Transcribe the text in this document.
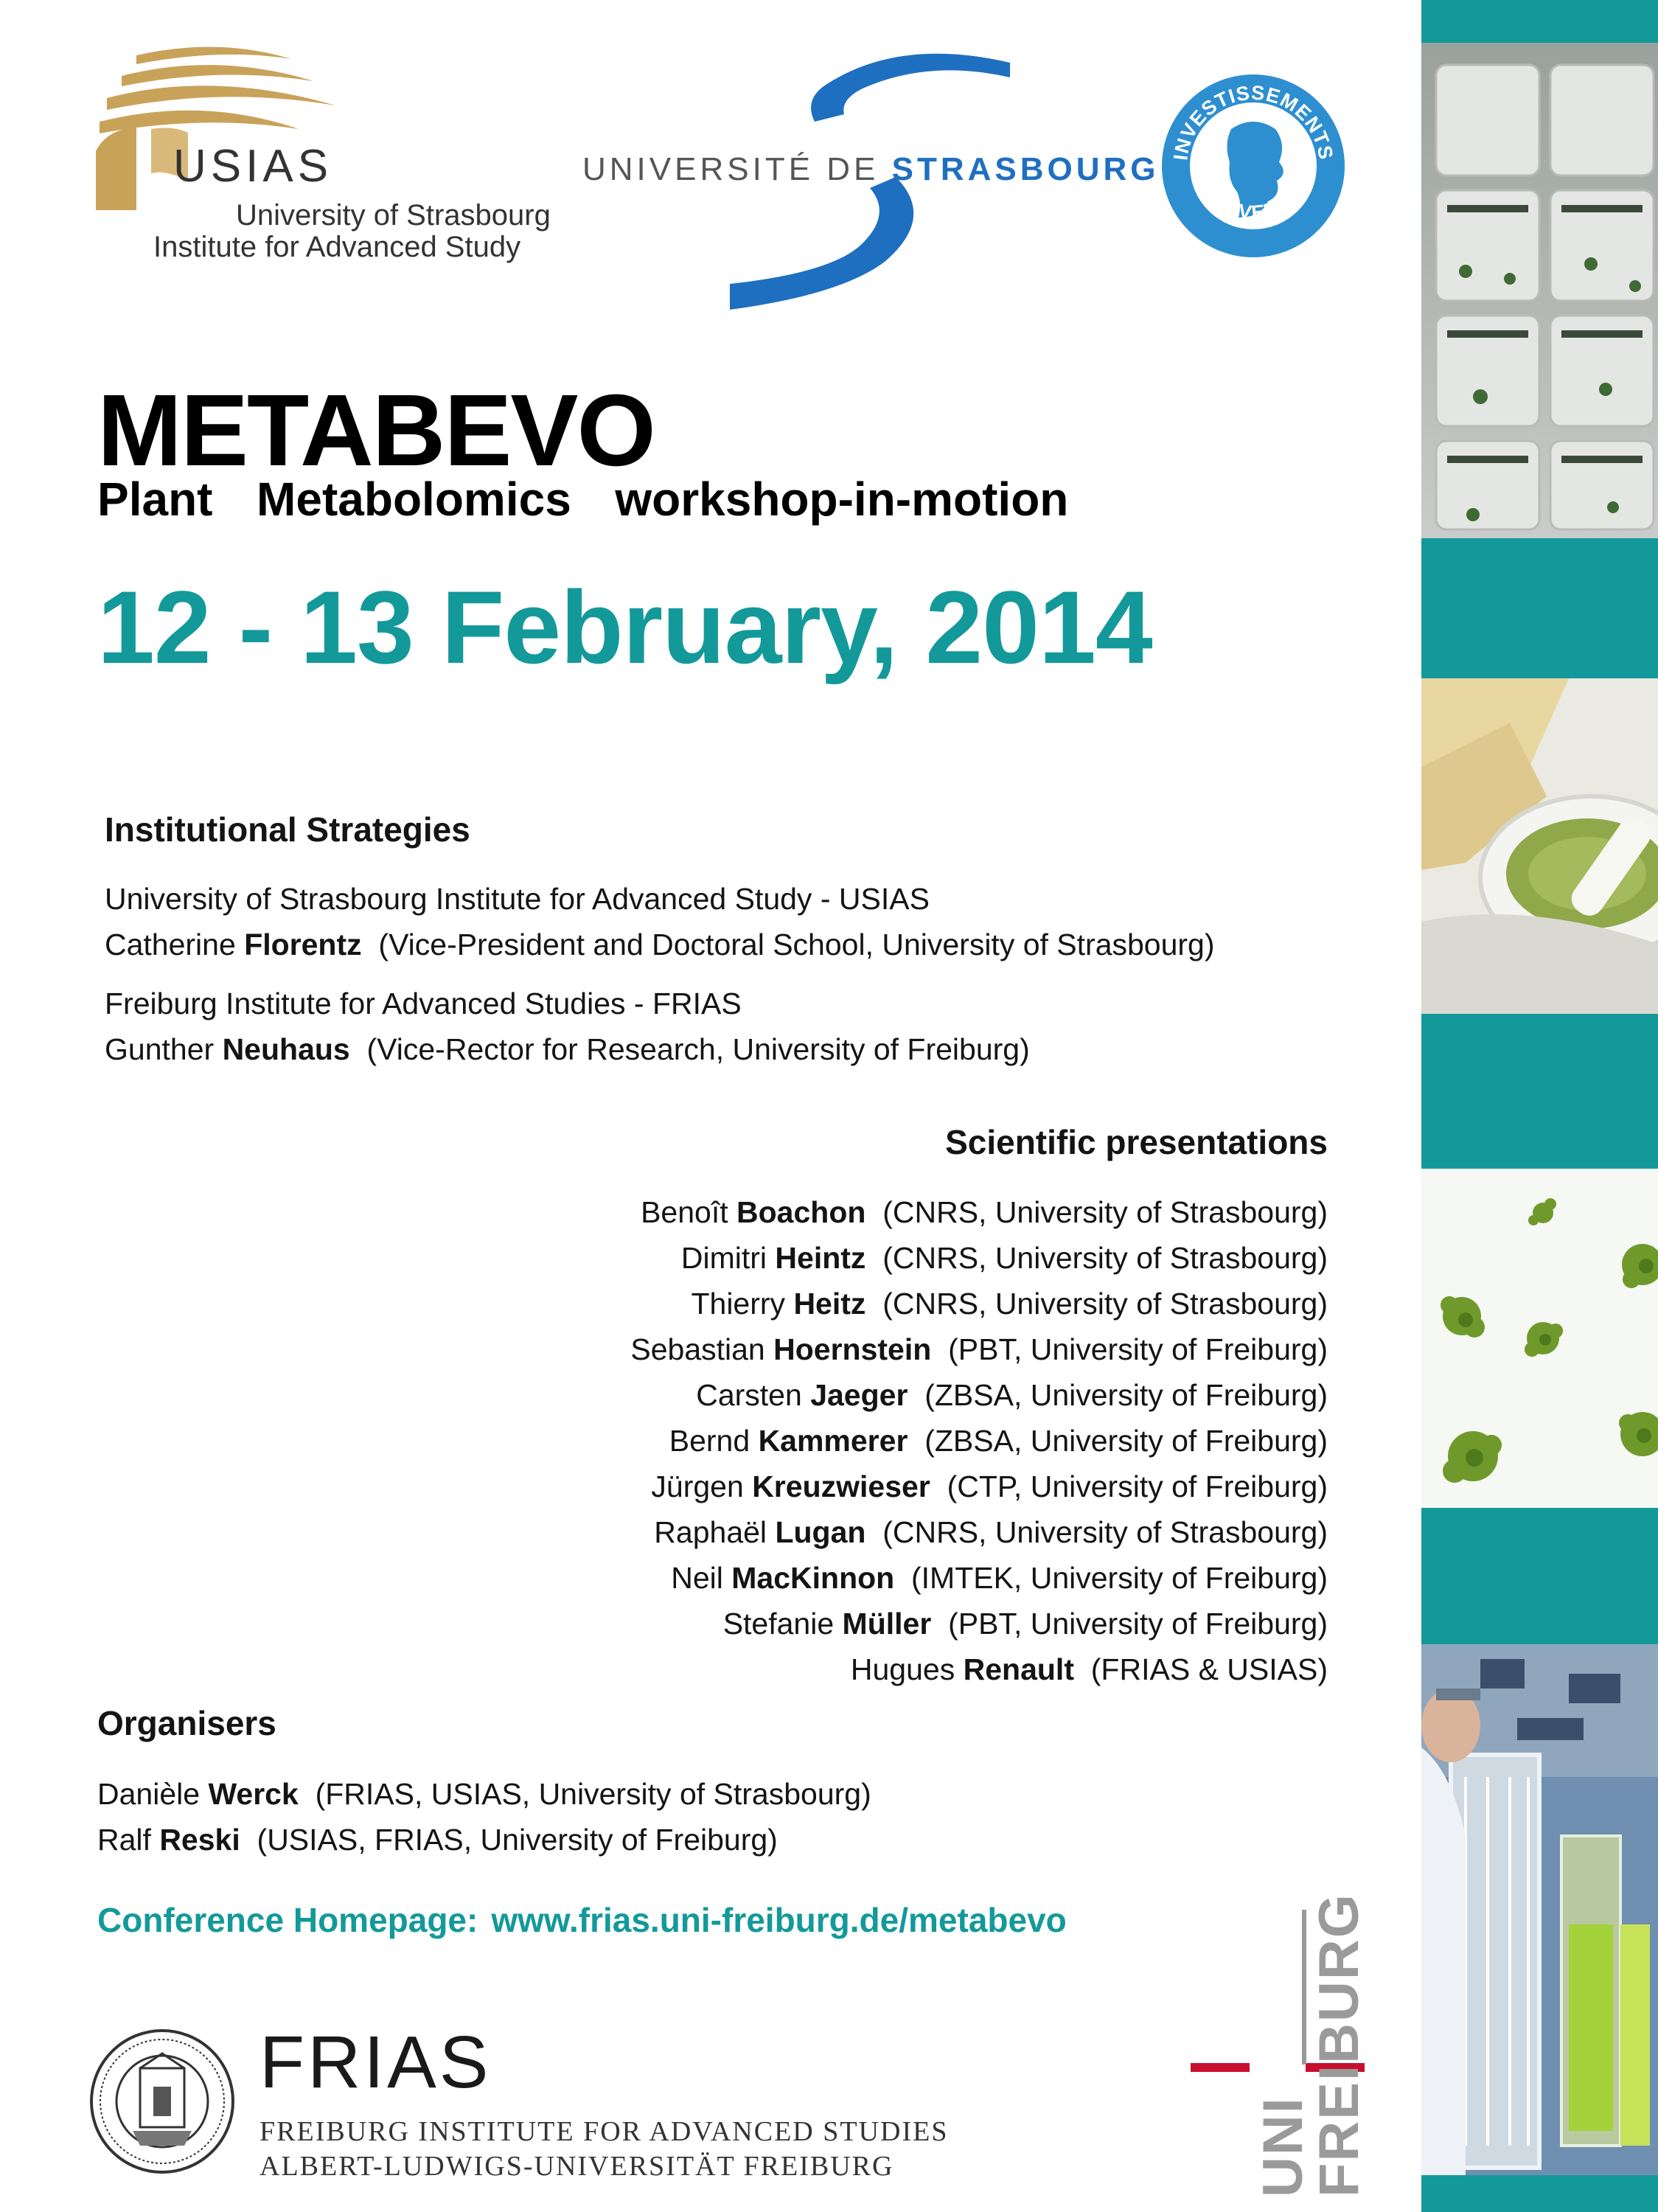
USIAS
University of Strasbourg
Institute for Advanced Study
UNIVERSITÉ DE STRASBOURG INVESTISSEMENTS
D'AVENIR
METABEVO
Plant  Metabolomics  workshop-in-motion
12 - 13 February, 2014
Institutional Strategies
University of Strasbourg Institute for Advanced Study - USIAS
Catherine Florentz (Vice-President and Doctoral School, University of Strasbourg)
Freiburg Institute for Advanced Studies - FRIAS
Gunther Neuhaus (Vice-Rector for Research, University of Freiburg)
Scientific presentations
Benoît Boachon (CNRS, University of Strasbourg)
Dimitri Heintz (CNRS, University of Strasbourg)
Thierry Heitz (CNRS, University of Strasbourg)
Sebastian Hoernstein (PBT, University of Freiburg)
Carsten Jaeger (ZBSA, University of Freiburg)
Bernd Kammerer (ZBSA, University of Freiburg)
Jürgen Kreuzwieser (CTP, University of Freiburg)
Raphaël Lugan (CNRS, University of Strasbourg)
Neil MacKinnon (IMTEK, University of Freiburg)
Stefanie Müller (PBT, University of Freiburg)
Hugues Renault (FRIAS & USIAS)
Organisers
Danièle Werck (FRIAS, USIAS, University of Strasbourg)
Ralf Reski (USIAS, FRIAS, University of Freiburg)
Conference Homepage: www.frias.uni-freiburg.de/metabevo
FRIAS
FREIBURG INSTITUTE FOR ADVANCED STUDIES
ALBERT-LUDWIGS-UNIVERSITÄT FREIBURG	UNI
FREIBURG
